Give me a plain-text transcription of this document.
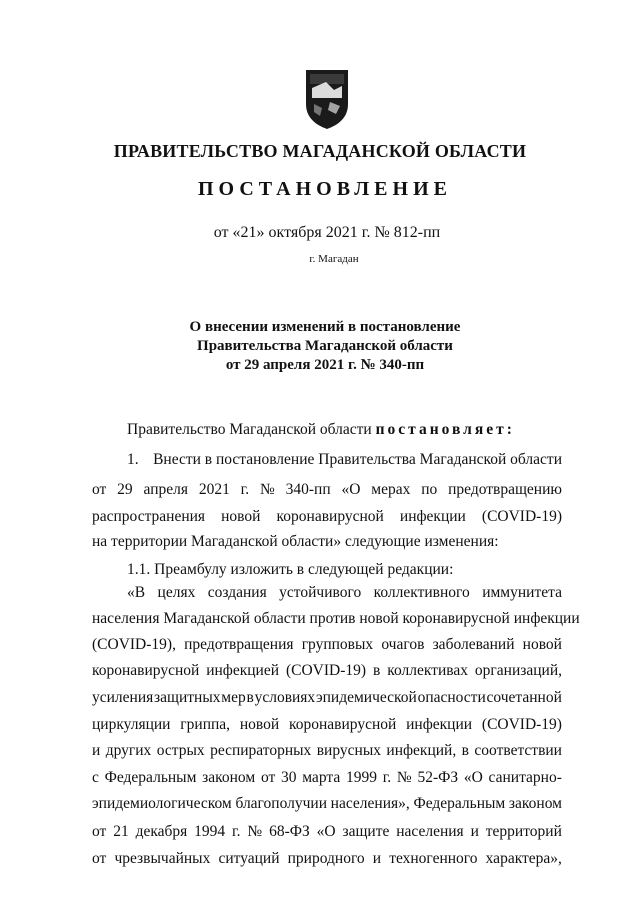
ПРАВИТЕЛЬСТВО МАГАДАНСКОЙ ОБЛАСТИ
ПОСТАНОВЛЕНИЕ
от «21» октября 2021 г. № 812-пп
г. Магадан
О внесении изменений в постановление
Правительства Магаданской области
от 29 апреля 2021 г. № 340-пп
Правительство Магаданской области постановляет:
1. Внести в постановление Правительства Магаданской области
от 29 апреля 2021 г. № 340-пп «О мерах по предотвращению
распространения новой коронавирусной инфекции (COVID-19)
на территории Магаданской области» следующие изменения:
1.1. Преамбулу изложить в следующей редакции:
«В целях создания устойчивого коллективного иммунитета
населения Магаданской области против новой коронавирусной инфекции
(COVID-19), предотвращения групповых очагов заболеваний новой
коронавирусной инфекцией (COVID-19) в коллективах организаций,
усиления защитных мер в условиях эпидемической опасности сочетанной
циркуляции гриппа, новой коронавирусной инфекции (COVID-19)
и других острых респираторных вирусных инфекций, в соответствии
с Федеральным законом от 30 марта 1999 г. № 52-ФЗ «О санитарно-
эпидемиологическом благополучии населения», Федеральным законом
от 21 декабря 1994 г. № 68-ФЗ «О защите населения и территорий
от чрезвычайных ситуаций природного и техногенного характера»,
